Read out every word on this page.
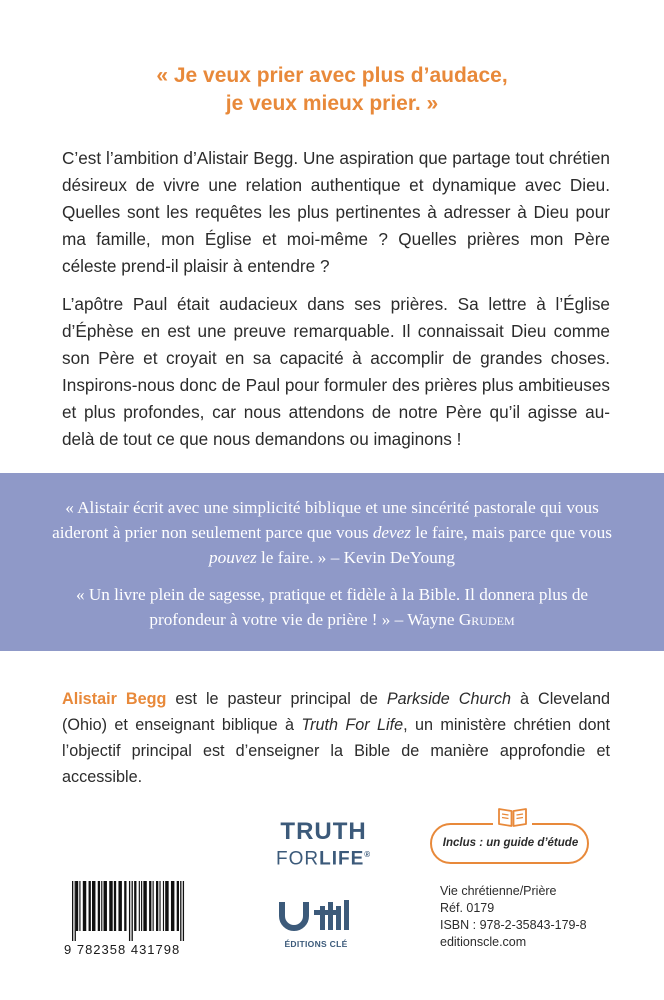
« Je veux prier avec plus d’audace,
je veux mieux prier. »
C’est l’ambition d’Alistair Begg. Une aspiration que partage tout chrétien désireux de vivre une relation authentique et dynamique avec Dieu. Quelles sont les requêtes les plus pertinentes à adresser à Dieu pour ma famille, mon Église et moi-même ? Quelles prières mon Père céleste prend-il plaisir à entendre ?
L’apôtre Paul était audacieux dans ses prières. Sa lettre à l’Église d’Éphèse en est une preuve remarquable. Il connaissait Dieu comme son Père et croyait en sa capacité à accomplir de grandes choses. Inspirons-nous donc de Paul pour formuler des prières plus ambitieuses et plus profondes, car nous attendons de notre Père qu’il agisse au-delà de tout ce que nous demandons ou imaginons !
« Alistair écrit avec une simplicité biblique et une sincérité pastorale qui vous aideront à prier non seulement parce que vous devez le faire, mais parce que vous pouvez le faire. » – Kevin DeYoung
« Un livre plein de sagesse, pratique et fidèle à la Bible. Il donnera plus de profondeur à votre vie de prière ! » – Wayne Grudem
Alistair Begg est le pasteur principal de Parkside Church à Cleveland (Ohio) et enseignant biblique à Truth For Life, un ministère chrétien dont l’objectif principal est d’enseigner la Bible de manière approfondie et accessible.
TRUTH
FORLIFE®
Inclus : un guide d’étude
9 782358 431798	ÉDITIONS CLÉ
Vie chrétienne/Prière
Réf. 0179
ISBN : 978-2-35843-179-8
editionscle.com
